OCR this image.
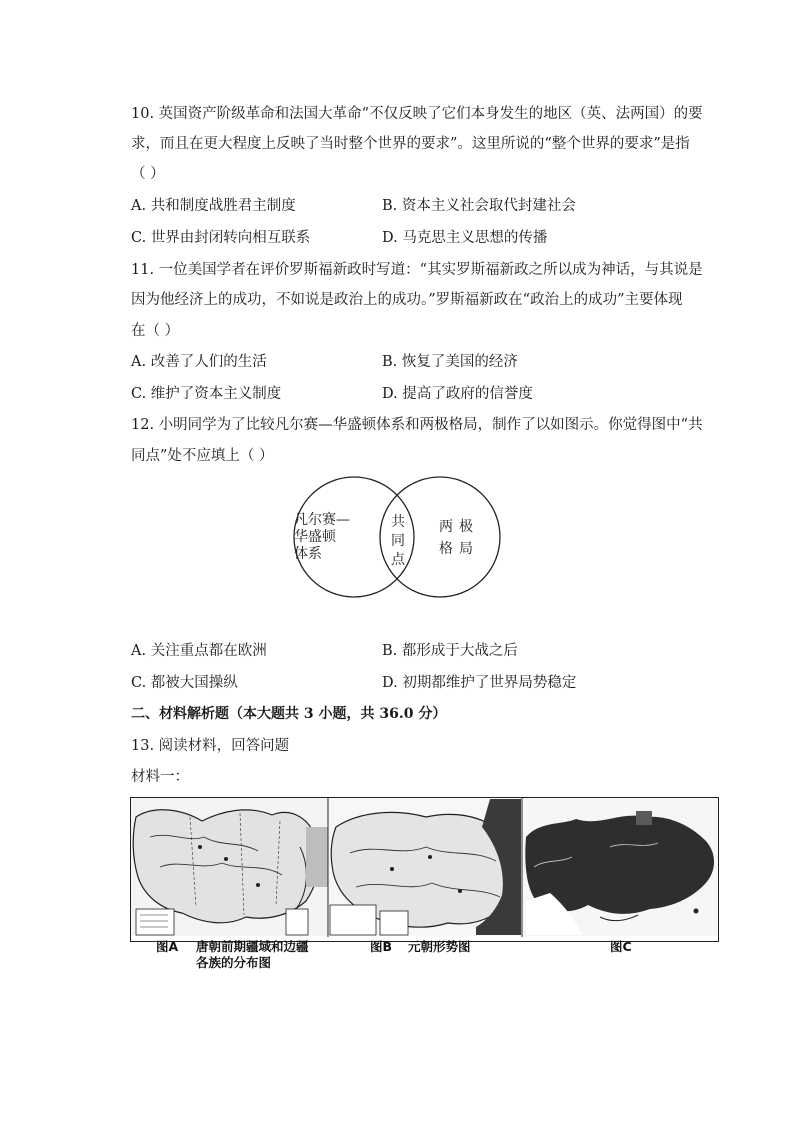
10. 英国资产阶级革命和法国大革命“不仅反映了它们本身发生的地区（英、法两国）的要
求，而且在更大程度上反映了当时整个世界的要求”。这里所说的“整个世界的要求”是指
（ ）
A. 共和制度战胜君主制度	B. 资本主义社会取代封建社会
C. 世界由封闭转向相互联系	D. 马克思主义思想的传播
11. 一位美国学者在评价罗斯福新政时写道：“其实罗斯福新政之所以成为神话，与其说是
因为他经济上的成功，不如说是政治上的成功。”罗斯福新政在“政治上的成功”主要体现
在（ ）
A. 改善了人们的生活	B. 恢复了美国的经济
C. 维护了资本主义制度	D. 提高了政府的信誉度
12. 小明同学为了比较凡尔赛—华盛顿体系和两极格局，制作了以如图示。你觉得图中“共
同点”处不应填上（ ）
凡尔赛—
华盛顿
体系
共
同
点
两极
格局
A. 关注重点都在欧洲	B. 都形成于大战之后
C. 都被大国操纵	D. 初期都维护了世界局势稳定
二、材料解析题（本大题共 3 小题，共 36.0 分）
13. 阅读材料，回答问题
材料一：
图A 唐朝前期疆域和边疆
各族的分布图
图B 元朝形势图	图C
